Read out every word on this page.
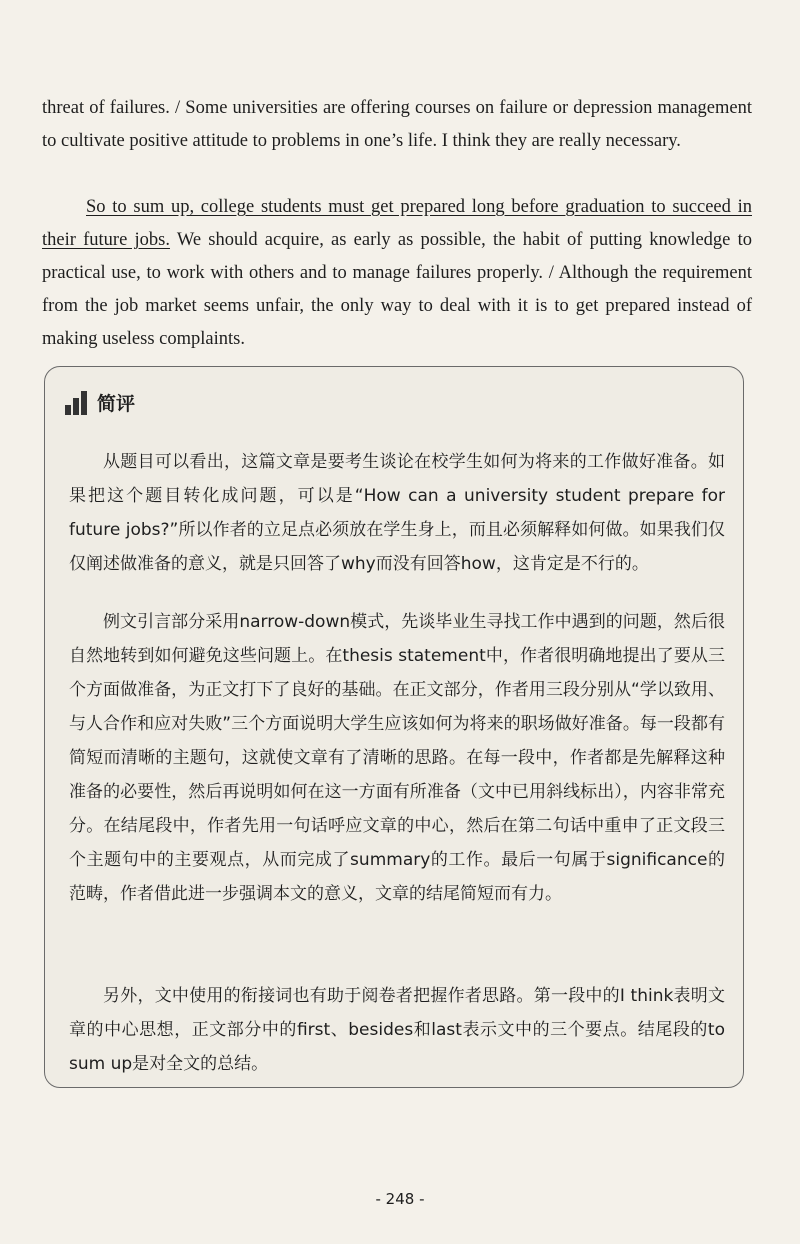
threat of failures. / Some universities are offering courses on failure or depression management to cultivate positive attitude to problems in one’s life. I think they are really necessary.

So to sum up, college students must get prepared long before graduation to succeed in their future jobs. We should acquire, as early as possible, the habit of putting knowledge to practical use, to work with others and to manage failures properly. / Although the requirement from the job market seems unfair, the only way to deal with it is to get prepared instead of making useless complaints.

简评

从题目可以看出，这篇文章是要考生谈论在校学生如何为将来的工作做好准备。如果把这个题目转化成问题，可以是“How can a university student prepare for future jobs?”所以作者的立足点必须放在学生身上，而且必须解释如何做。如果我们仅仅阐述做准备的意义，就是只回答了why而没有回答how，这肯定是不行的。

例文引言部分采用narrow-down模式，先谈毕业生寻找工作中遇到的问题，然后很自然地转到如何避免这些问题上。在thesis statement中，作者很明确地提出了要从三个方面做准备，为正文打下了良好的基础。在正文部分，作者用三段分别从“学以致用、与人合作和应对失败”三个方面说明大学生应该如何为将来的职场做好准备。每一段都有简短而清晰的主题句，这就使文章有了清晰的思路。在每一段中，作者都是先解释这种准备的必要性，然后再说明如何在这一方面有所准备（文中已用斜线标出），内容非常充分。在结尾段中，作者先用一句话呼应文章的中心，然后在第二句话中重申了正文段三个主题句中的主要观点，从而完成了summary的工作。最后一句属于significance的范畴，作者借此进一步强调本文的意义，文章的结尾简短而有力。

另外，文中使用的衔接词也有助于阅卷者把握作者思路。第一段中的I think表明文章的中心思想，正文部分中的first、besides和last表示文中的三个要点。结尾段的to sum up是对全文的总结。

- 248 -
